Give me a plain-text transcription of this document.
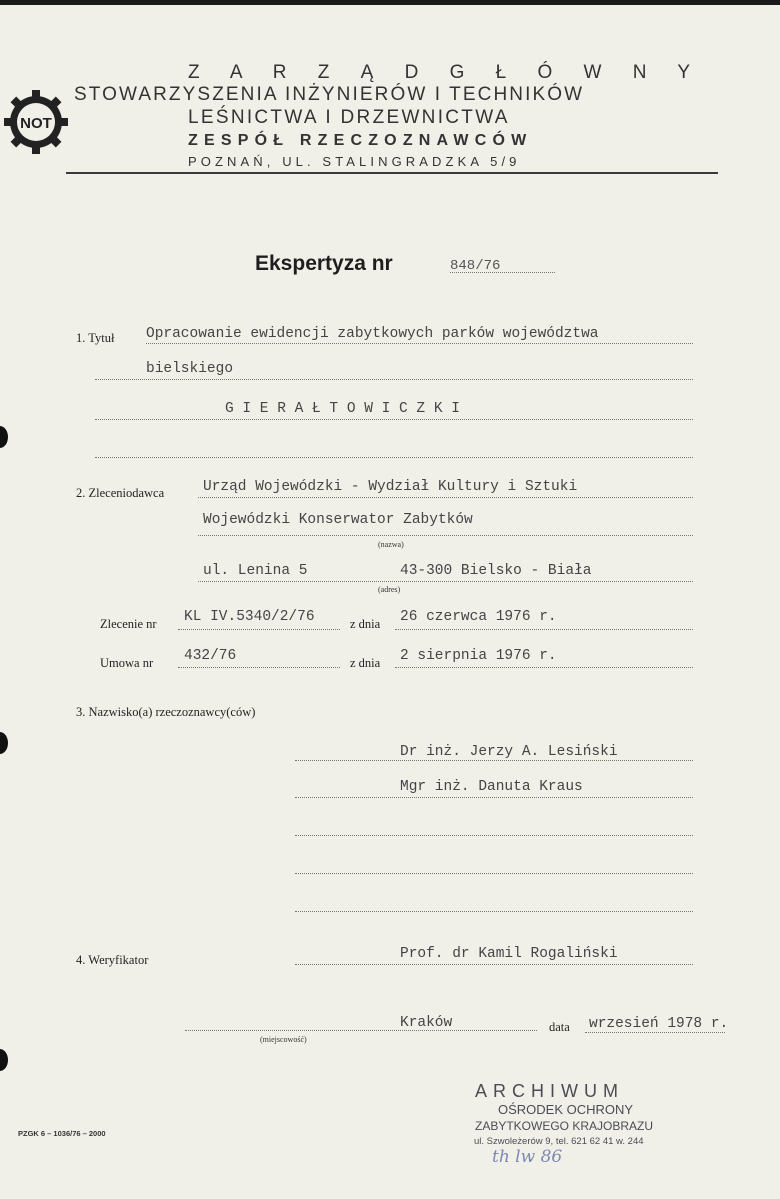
NOT
Z A R Z Ą D G Ł Ó W N Y
STOWARZYSZENIA INŻYNIERÓW I TECHNIKÓW
LEŚNICTWA I DRZEWNICTWA
ZESPÓŁ RZECZOZNAWCÓW
POZNAŃ, UL. STALINGRADZKA 5/9
Ekspertyza nr	848/76
1. Tytuł Opracowanie ewidencji zabytkowych parków województwa
bielskiego
G I E R A Ł T O W I C Z K I
2. Zleceniodawca	Urząd Wojewódzki - Wydział Kultury i Sztuki
Wojewódzki Konserwator Zabytków
(nazwa)
ul. Lenina 5	43-300 Bielsko - Biała
(adres)
Zlecenie nr KL IV.5340/2/76	z dnia 26 czerwca 1976 r.
Umowa nr 432/76	z dnia 2 sierpnia 1976 r.
3. Nazwisko(a) rzeczoznawcy(ców)
Dr inż. Jerzy A. Lesiński
Mgr inż. Danuta Kraus
4. Weryfikator	Prof. dr Kamil Rogaliński
Kraków
(miejscowość)
data wrzesień 1978 r.
ARCHIWUM
OŚRODEK OCHRONY
ZABYTKOWEGO KRAJOBRAZU
ul. Szwoleżerów 9, tel. 621 62 41 w. 244
th lw 86
PZGK 6 – 1036/76 – 2000
